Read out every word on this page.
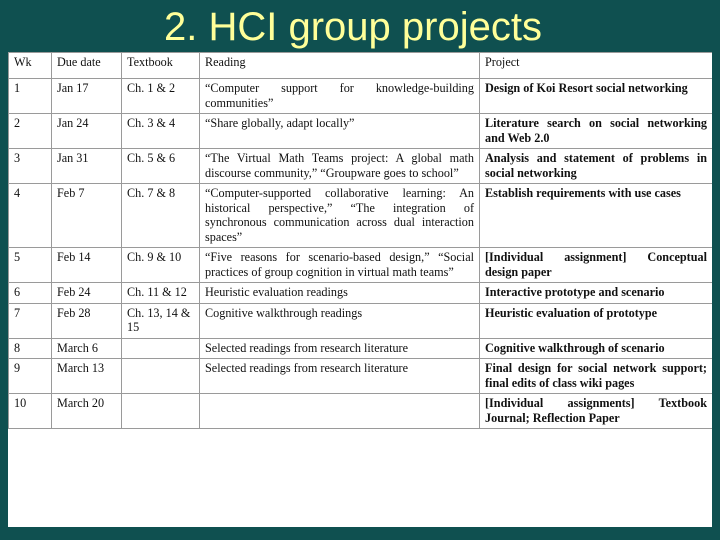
2. HCI group projects
Wk	Due date	Textbook	Reading	Project
1	Jan 17	Ch. 1 & 2	“Computer support for knowledge-building communities”	Design of Koi Resort social networking
2	Jan 24	Ch. 3 & 4	“Share globally, adapt locally”	Literature search on social networking and Web 2.0
3	Jan 31	Ch. 5 & 6	“The Virtual Math Teams project: A global math discourse community,” “Groupware goes to school”	Analysis and statement of problems in social networking
4	Feb 7	Ch. 7 & 8	“Computer-supported collaborative learning: An historical perspective,” “The integration of synchronous communication across dual interaction spaces”	Establish requirements with use cases
5	Feb 14	Ch. 9 & 10	“Five reasons for scenario-based design,” “Social practices of group cognition in virtual math teams”	[Individual assignment] Conceptual design paper
6	Feb 24	Ch. 11 & 12	Heuristic evaluation readings	Interactive prototype and scenario
7	Feb 28	Ch. 13, 14 & 15	Cognitive walkthrough readings	Heuristic evaluation of prototype
8	March 6		Selected readings from research literature	Cognitive walkthrough of scenario
9	March 13		Selected readings from research literature	Final design for social network support; final edits of class wiki pages
10	March 20			[Individual assignments] Textbook Journal; Reflection Paper
